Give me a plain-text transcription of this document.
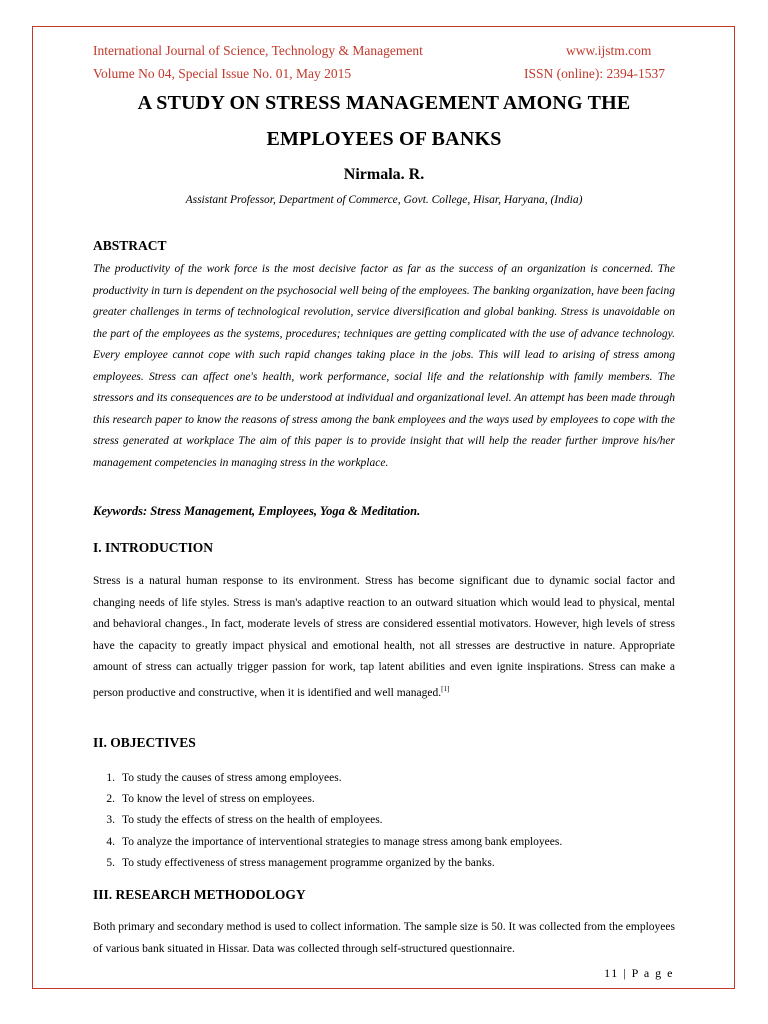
International Journal of Science, Technology & Management	www.ijstm.com
Volume No 04, Special Issue No. 01, May 2015	ISSN (online): 2394-1537
A STUDY ON STRESS MANAGEMENT AMONG THE
EMPLOYEES OF BANKS
Nirmala. R.
Assistant Professor, Department of Commerce, Govt. College, Hisar, Haryana, (India)
ABSTRACT
The productivity of the work force is the most decisive factor as far as the success of an organization is concerned. The productivity in turn is dependent on the psychosocial well being of the employees. The banking organization, have been facing greater challenges in terms of technological revolution, service diversification and global banking. Stress is unavoidable on the part of the employees as the systems, procedures; techniques are getting complicated with the use of advance technology. Every employee cannot cope with such rapid changes taking place in the jobs. This will lead to arising of stress among employees. Stress can affect one's health, work performance, social life and the relationship with family members. The stressors and its consequences are to be understood at individual and organizational level. An attempt has been made through this research paper to know the reasons of stress among the bank employees and the ways used by employees to cope with the stress generated at workplace The aim of this paper is to provide insight that will help the reader further improve his/her management competencies in managing stress in the workplace.
Keywords: Stress Management, Employees, Yoga & Meditation.
I. INTRODUCTION
Stress is a natural human response to its environment. Stress has become significant due to dynamic social factor and changing needs of life styles. Stress is man's adaptive reaction to an outward situation which would lead to physical, mental and behavioral changes., In fact, moderate levels of stress are considered essential motivators. However, high levels of stress have the capacity to greatly impact physical and emotional health, not all stresses are destructive in nature. Appropriate amount of stress can actually trigger passion for work, tap latent abilities and even ignite inspirations. Stress can make a person productive and constructive, when it is identified and well managed.[1]
II. OBJECTIVES
1. To study the causes of stress among employees.
2. To know the level of stress on employees.
3. To study the effects of stress on the health of employees.
4. To analyze the importance of interventional strategies to manage stress among bank employees.
5. To study effectiveness of stress management programme organized by the banks.
III. RESEARCH METHODOLOGY
Both primary and secondary method is used to collect information. The sample size is 50. It was collected from the employees of various bank situated in Hissar. Data was collected through self-structured questionnaire.
11 | P a g e
